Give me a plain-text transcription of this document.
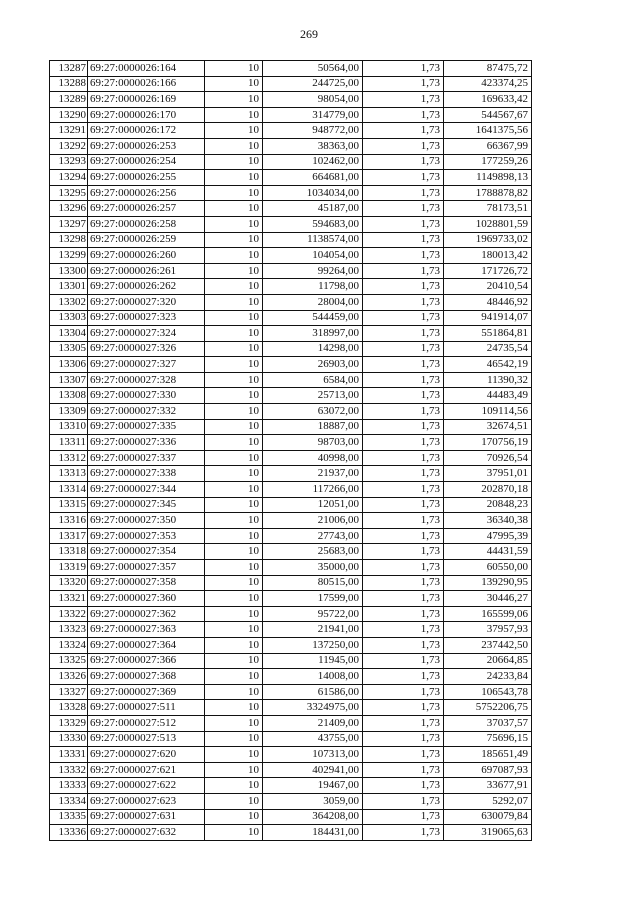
269
13287	69:27:0000026:164	10	50564,00	1,73	87475,72
13288	69:27:0000026:166	10	244725,00	1,73	423374,25
13289	69:27:0000026:169	10	98054,00	1,73	169633,42
13290	69:27:0000026:170	10	314779,00	1,73	544567,67
13291	69:27:0000026:172	10	948772,00	1,73	1641375,56
13292	69:27:0000026:253	10	38363,00	1,73	66367,99
13293	69:27:0000026:254	10	102462,00	1,73	177259,26
13294	69:27:0000026:255	10	664681,00	1,73	1149898,13
13295	69:27:0000026:256	10	1034034,00	1,73	1788878,82
13296	69:27:0000026:257	10	45187,00	1,73	78173,51
13297	69:27:0000026:258	10	594683,00	1,73	1028801,59
13298	69:27:0000026:259	10	1138574,00	1,73	1969733,02
13299	69:27:0000026:260	10	104054,00	1,73	180013,42
13300	69:27:0000026:261	10	99264,00	1,73	171726,72
13301	69:27:0000026:262	10	11798,00	1,73	20410,54
13302	69:27:0000027:320	10	28004,00	1,73	48446,92
13303	69:27:0000027:323	10	544459,00	1,73	941914,07
13304	69:27:0000027:324	10	318997,00	1,73	551864,81
13305	69:27:0000027:326	10	14298,00	1,73	24735,54
13306	69:27:0000027:327	10	26903,00	1,73	46542,19
13307	69:27:0000027:328	10	6584,00	1,73	11390,32
13308	69:27:0000027:330	10	25713,00	1,73	44483,49
13309	69:27:0000027:332	10	63072,00	1,73	109114,56
13310	69:27:0000027:335	10	18887,00	1,73	32674,51
13311	69:27:0000027:336	10	98703,00	1,73	170756,19
13312	69:27:0000027:337	10	40998,00	1,73	70926,54
13313	69:27:0000027:338	10	21937,00	1,73	37951,01
13314	69:27:0000027:344	10	117266,00	1,73	202870,18
13315	69:27:0000027:345	10	12051,00	1,73	20848,23
13316	69:27:0000027:350	10	21006,00	1,73	36340,38
13317	69:27:0000027:353	10	27743,00	1,73	47995,39
13318	69:27:0000027:354	10	25683,00	1,73	44431,59
13319	69:27:0000027:357	10	35000,00	1,73	60550,00
13320	69:27:0000027:358	10	80515,00	1,73	139290,95
13321	69:27:0000027:360	10	17599,00	1,73	30446,27
13322	69:27:0000027:362	10	95722,00	1,73	165599,06
13323	69:27:0000027:363	10	21941,00	1,73	37957,93
13324	69:27:0000027:364	10	137250,00	1,73	237442,50
13325	69:27:0000027:366	10	11945,00	1,73	20664,85
13326	69:27:0000027:368	10	14008,00	1,73	24233,84
13327	69:27:0000027:369	10	61586,00	1,73	106543,78
13328	69:27:0000027:511	10	3324975,00	1,73	5752206,75
13329	69:27:0000027:512	10	21409,00	1,73	37037,57
13330	69:27:0000027:513	10	43755,00	1,73	75696,15
13331	69:27:0000027:620	10	107313,00	1,73	185651,49
13332	69:27:0000027:621	10	402941,00	1,73	697087,93
13333	69:27:0000027:622	10	19467,00	1,73	33677,91
13334	69:27:0000027:623	10	3059,00	1,73	5292,07
13335	69:27:0000027:631	10	364208,00	1,73	630079,84
13336	69:27:0000027:632	10	184431,00	1,73	319065,63
